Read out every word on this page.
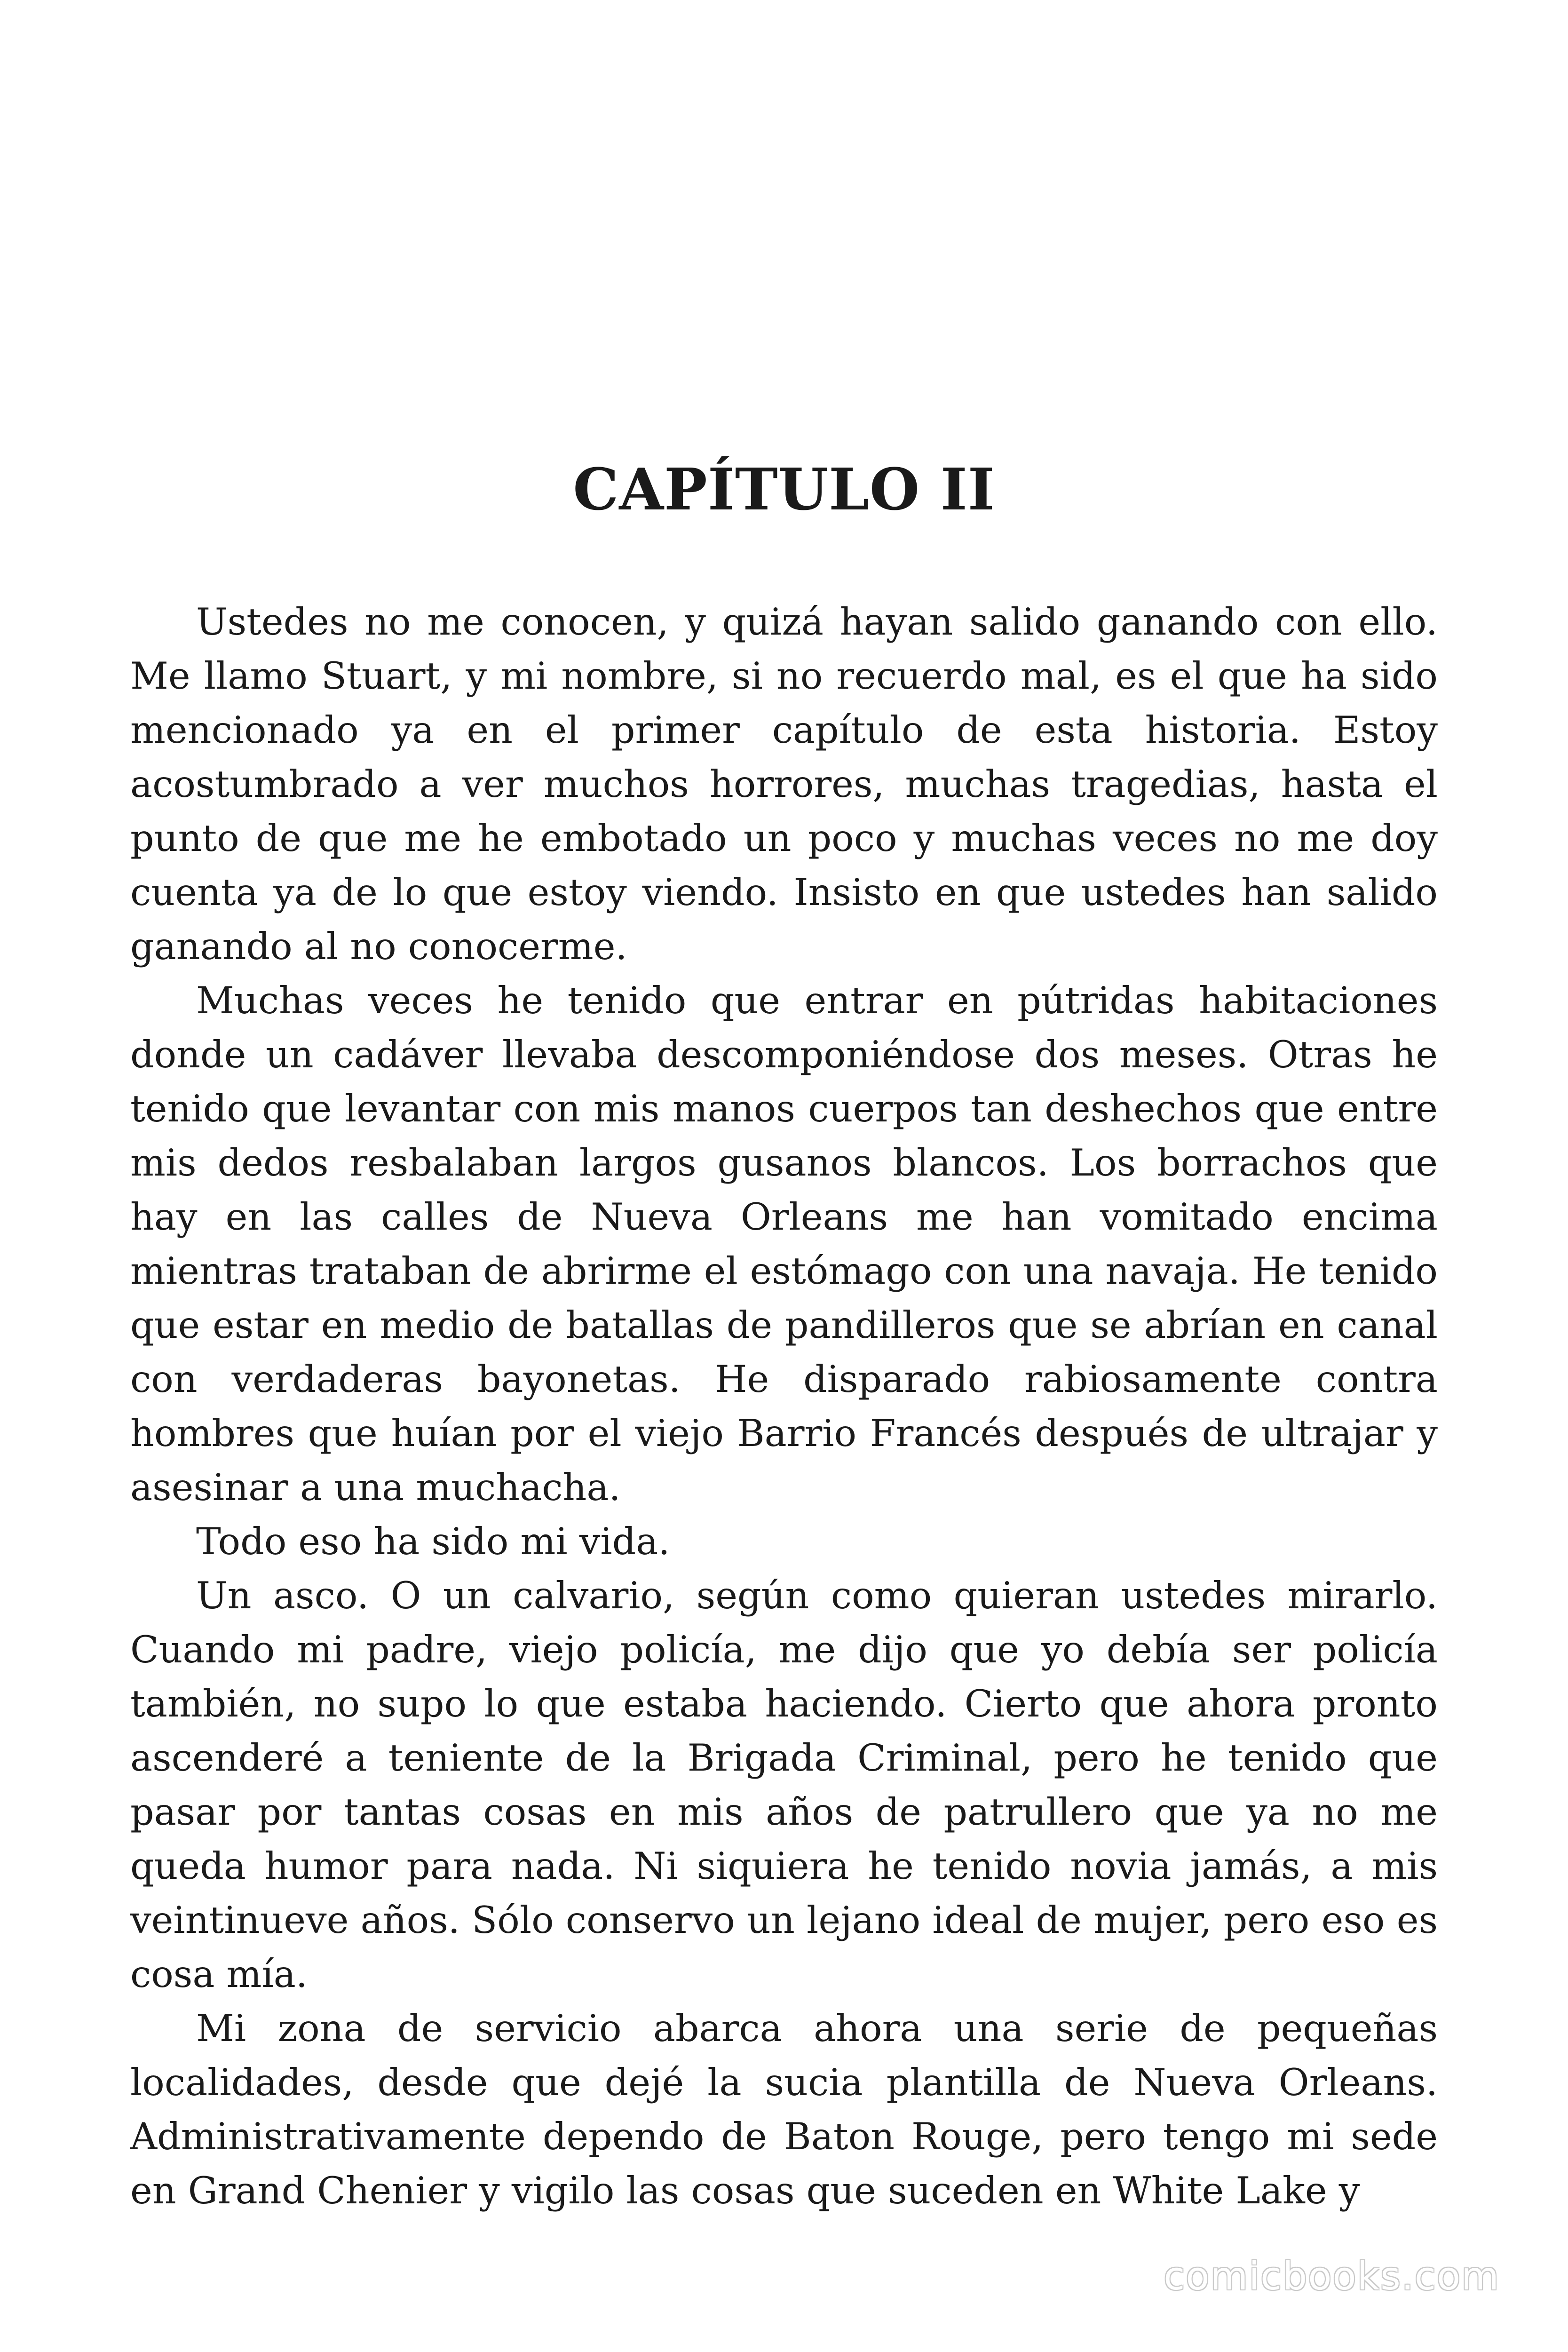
CAPÍTULO II

Ustedes no me conocen, y quizá hayan salido ganando con ello. Me llamo Stuart, y mi nombre, si no recuerdo mal, es el que ha sido mencionado ya en el primer capítulo de esta historia. Estoy acostumbrado a ver muchos horrores, muchas tragedias, hasta el punto de que me he embotado un poco y muchas veces no me doy cuenta ya de lo que estoy viendo. Insisto en que ustedes han salido ganando al no conocerme.

Muchas veces he tenido que entrar en pútridas habitaciones donde un cadáver llevaba descomponiéndose dos meses. Otras he tenido que levantar con mis manos cuerpos tan deshechos que entre mis dedos resbalaban largos gusanos blancos. Los borrachos que hay en las calles de Nueva Orleans me han vomitado encima mientras trataban de abrirme el estómago con una navaja. He tenido que estar en medio de batallas de pandilleros que se abrían en canal con verdaderas bayonetas. He disparado rabiosamente contra hombres que huían por el viejo Barrio Francés después de ultrajar y asesinar a una muchacha.

Todo eso ha sido mi vida.

Un asco. O un calvario, según como quieran ustedes mirarlo. Cuando mi padre, viejo policía, me dijo que yo debía ser policía también, no supo lo que estaba haciendo. Cierto que ahora pronto ascenderé a teniente de la Brigada Criminal, pero he tenido que pasar por tantas cosas en mis años de patrullero que ya no me queda humor para nada. Ni siquiera he tenido novia jamás, a mis veintinueve años. Sólo conservo un lejano ideal de mujer, pero eso es cosa mía.

Mi zona de servicio abarca ahora una serie de pequeñas localidades, desde que dejé la sucia plantilla de Nueva Orleans. Administrativamente dependo de Baton Rouge, pero tengo mi sede en Grand Chenier y vigilo las cosas que suceden en White Lake y

comicbooks.com
